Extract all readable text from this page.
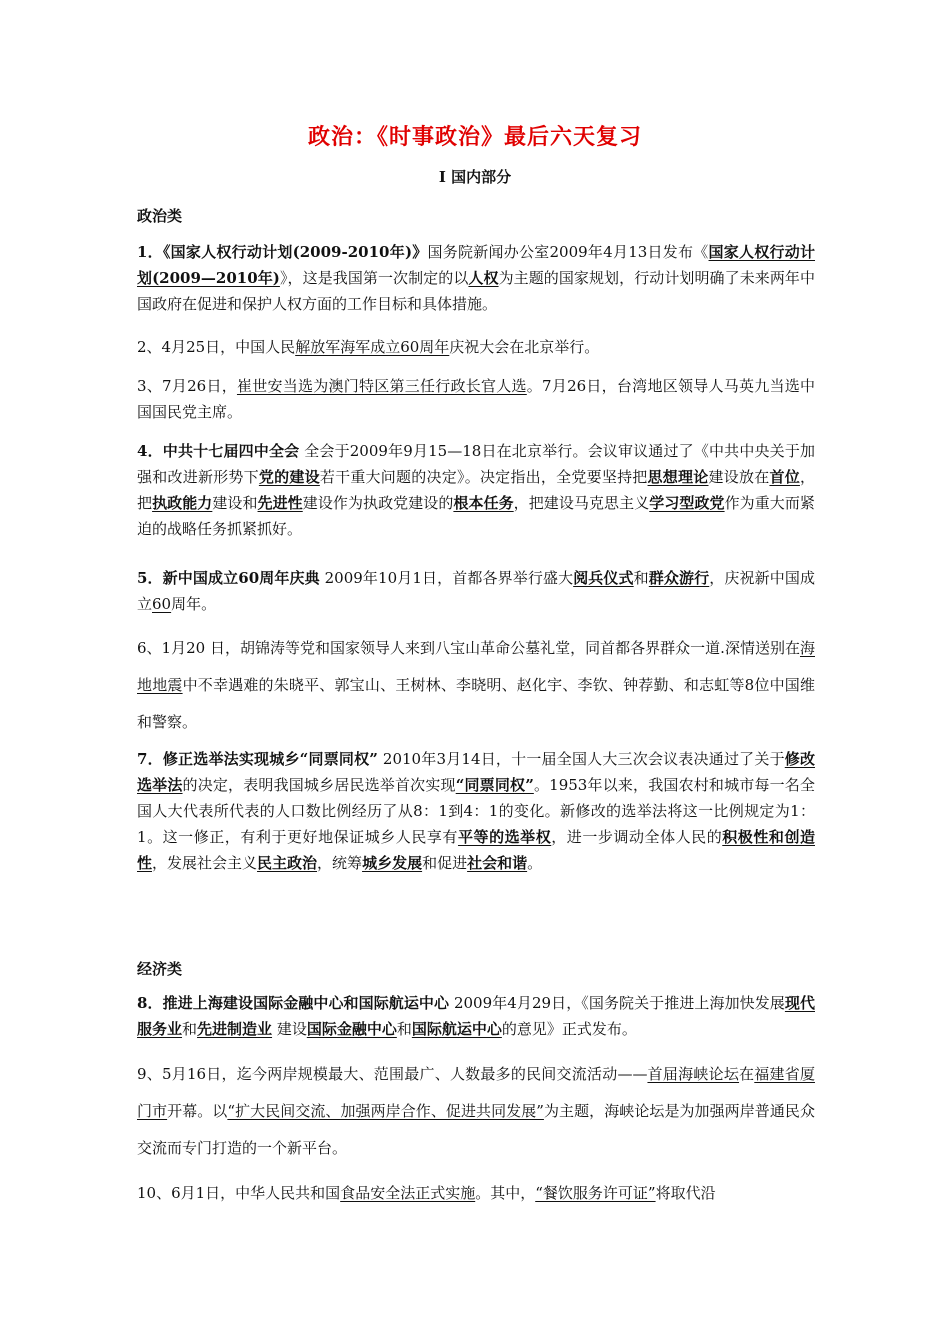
政治：《时事政治》最后六天复习
Ⅰ 国内部分
政治类
1．《国家人权行动计划(2009-2010年)》国务院新闻办公室2009年4月13日发布《国家人权行动计划(2009—2010年)》，这是我国第一次制定的以人权为主题的国家规划，行动计划明确了未来两年中国政府在促进和保护人权方面的工作目标和具体措施。
2、4月25日，中国人民解放军海军成立60周年庆祝大会在北京举行。
3、7月26日，崔世安当选为澳门特区第三任行政长官人选。7月26日，台湾地区领导人马英九当选中国国民党主席。
4．中共十七届四中全会 全会于2009年9月15—18日在北京举行。会议审议通过了《中共中央关于加强和改进新形势下党的建设若干重大问题的决定》。决定指出，全党要坚持把思想理论建设放在首位，把执政能力建设和先进性建设作为执政党建设的根本任务，把建设马克思主义学习型政党作为重大而紧迫的战略任务抓紧抓好。
5．新中国成立60周年庆典 2009年10月1日，首都各界举行盛大阅兵仪式和群众游行，庆祝新中国成立60周年。
6、1月20 日，胡锦涛等党和国家领导人来到八宝山革命公墓礼堂，同首都各界群众一道.深情送别在海地地震中不幸遇难的朱晓平、郭宝山、王树林、李晓明、赵化宇、李钦、钟荐勤、和志虹等8位中国维和警察。
7．修正选举法实现城乡“同票同权” 2010年3月14日，十一届全国人大三次会议表决通过了关于修改选举法的决定，表明我国城乡居民选举首次实现“同票同权”。1953年以来，我国农村和城市每一名全国人大代表所代表的人口数比例经历了从8：1到4：1的变化。新修改的选举法将这一比例规定为1：1。这一修正，有利于更好地保证城乡人民享有平等的选举权，进一步调动全体人民的积极性和创造性，发展社会主义民主政治，统筹城乡发展和促进社会和谐。
经济类
8．推进上海建设国际金融中心和国际航运中心 2009年4月29日，《国务院关于推进上海加快发展现代服务业和先进制造业 建设国际金融中心和国际航运中心的意见》正式发布。
9、5月16日，迄今两岸规模最大、范围最广、人数最多的民间交流活动——首届海峡论坛在福建省厦门市开幕。以“扩大民间交流、加强两岸合作、促进共同发展”为主题，海峡论坛是为加强两岸普通民众交流而专门打造的一个新平台。
10、6月1日，中华人民共和国食品安全法正式实施。其中，“餐饮服务许可证”将取代沿
